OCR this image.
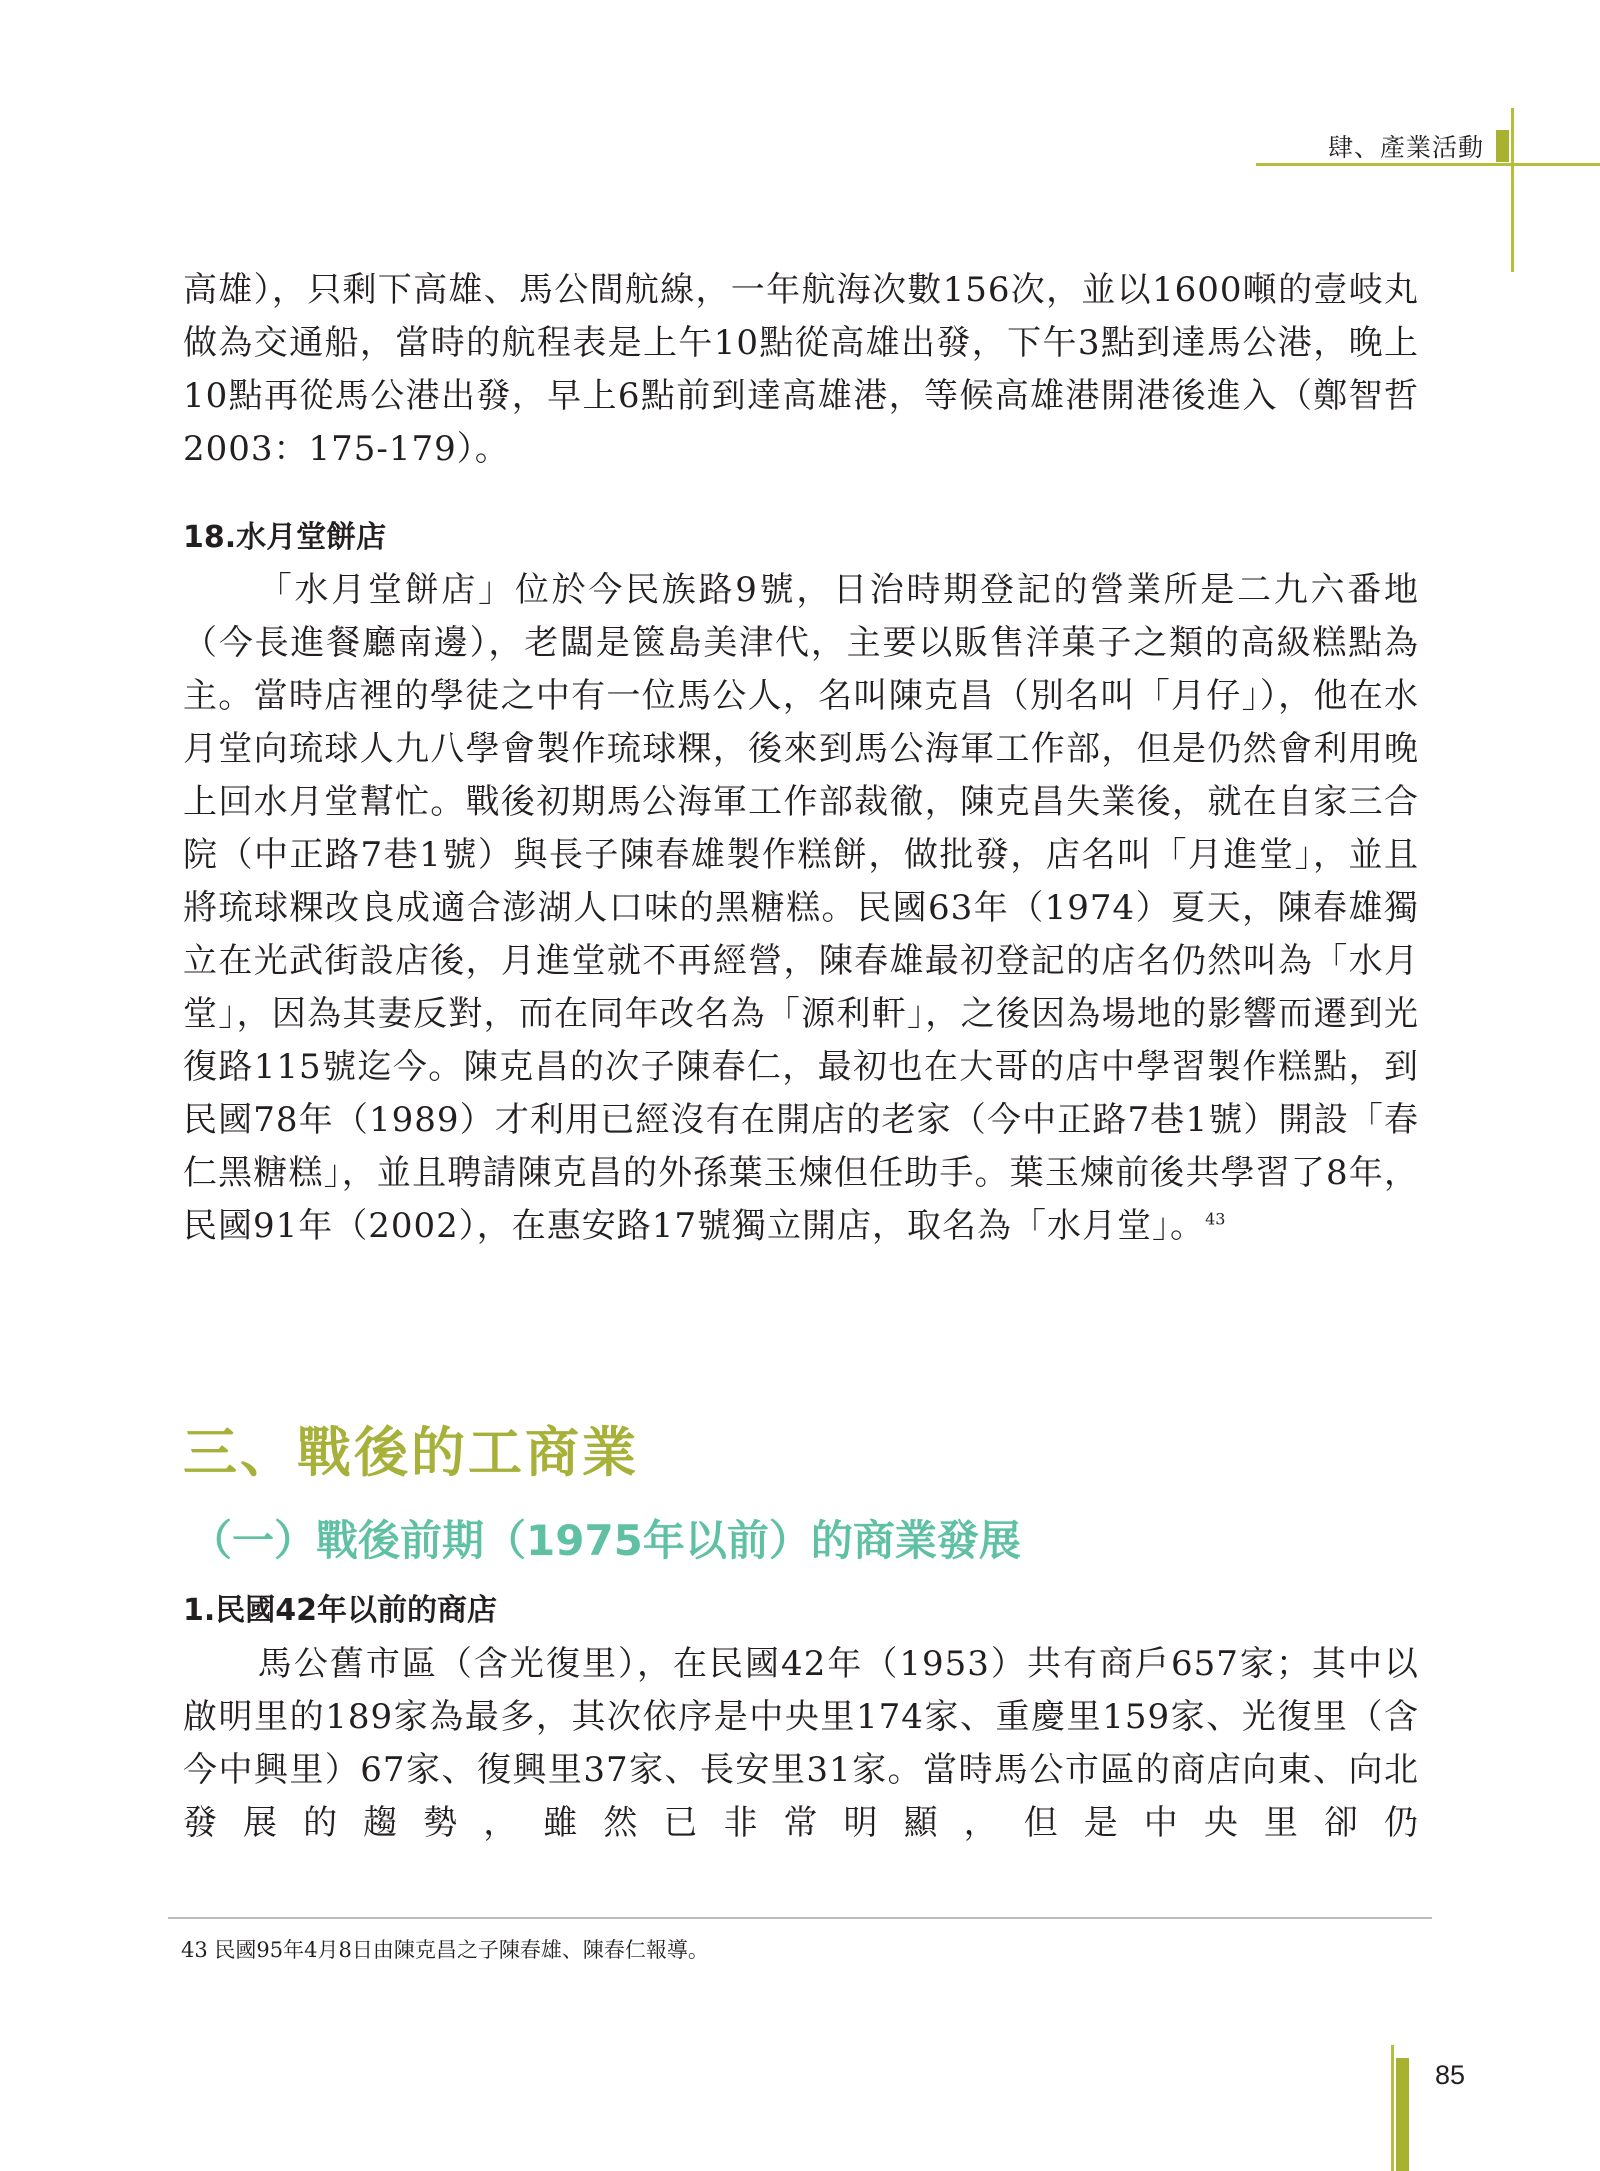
肆、產業活動

高雄），只剩下高雄、馬公間航線，一年航海次數156次，並以1600噸的壹岐丸做為交通船，當時的航程表是上午10點從高雄出發，下午3點到達馬公港，晚上10點再從馬公港出發，早上6點前到達高雄港，等候高雄港開港後進入（鄭智哲 2003：175-179）。

18.水月堂餅店

「水月堂餅店」位於今民族路9號，日治時期登記的營業所是二九六番地（今長進餐廳南邊），老闆是篋島美津代，主要以販售洋菓子之類的高級糕點為主。當時店裡的學徒之中有一位馬公人，名叫陳克昌（別名叫「月仔」），他在水月堂向琉球人九八學會製作琉球粿，後來到馬公海軍工作部，但是仍然會利用晚上回水月堂幫忙。戰後初期馬公海軍工作部裁徹，陳克昌失業後，就在自家三合院（中正路7巷1號）與長子陳春雄製作糕餅，做批發，店名叫「月進堂」，並且將琉球粿改良成適合澎湖人口味的黑糖糕。民國63年（1974）夏天，陳春雄獨立在光武街設店後，月進堂就不再經營，陳春雄最初登記的店名仍然叫為「水月堂」，因為其妻反對，而在同年改名為「源利軒」，之後因為場地的影響而遷到光復路115號迄今。陳克昌的次子陳春仁，最初也在大哥的店中學習製作糕點，到民國78年（1989）才利用已經沒有在開店的老家（今中正路7巷1號）開設「春仁黑糖糕」，並且聘請陳克昌的外孫葉玉煉但任助手。葉玉煉前後共學習了8年，民國91年（2002），在惠安路17號獨立開店，取名為「水月堂」。$^{43}$

三、戰後的工商業
（一）戰後前期（1975年以前）的商業發展
1.民國42年以前的商店

馬公舊市區（含光復里），在民國42年（1953）共有商戶657家；其中以啟明里的189家為最多，其次依序是中央里174家、重慶里159家、光復里（含今中興里）67家、復興里37家、長安里31家。當時馬公市區的商店向東、向北發展的趨勢，雖然已非常明顯，但是中央里卻仍

43 民國95年4月8日由陳克昌之子陳春雄、陳春仁報導。

85
